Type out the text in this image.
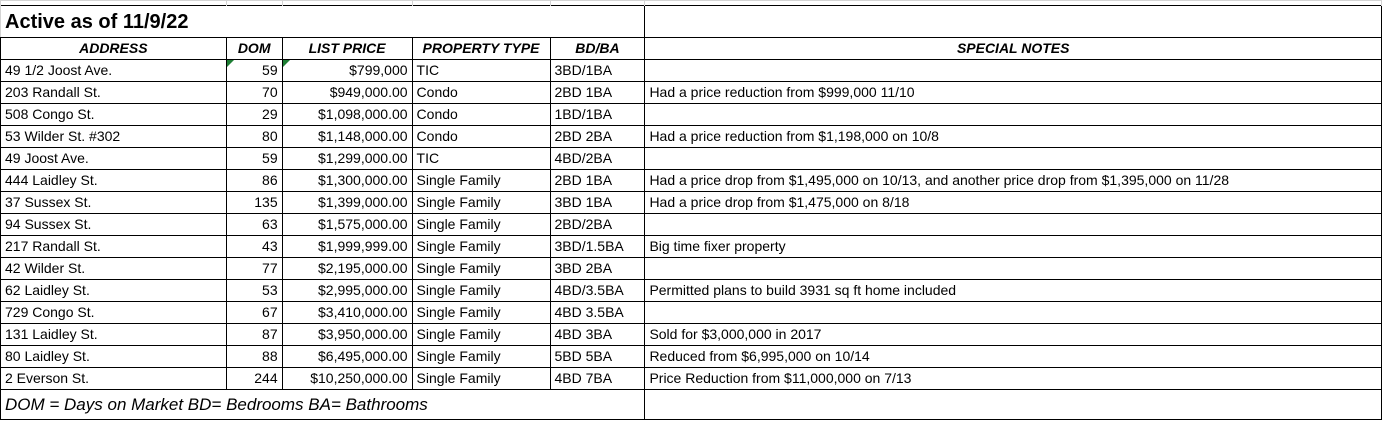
Active as of 11/9/22					
ADDRESS	DOM	LIST PRICE	PROPERTY TYPE	BD/BA	SPECIAL NOTES
49 1/2 Joost Ave.	59	$799,000	TIC	3BD/1BA	
203 Randall St.	70	$949,000.00	Condo	2BD 1BA	Had a price reduction from $999,000 11/10
508 Congo St.	29	$1,098,000.00	Condo	1BD/1BA	
53 Wilder St. #302	80	$1,148,000.00	Condo	2BD 2BA	Had a price reduction from $1,198,000 on 10/8
49 Joost Ave.	59	$1,299,000.00	TIC	4BD/2BA	
444 Laidley St.	86	$1,300,000.00	Single Family	2BD 1BA	Had a price drop from $1,495,000 on 10/13, and another price drop from $1,395,000 on 11/28
37 Sussex St.	135	$1,399,000.00	Single Family	3BD 1BA	Had a price drop from $1,475,000 on 8/18
94 Sussex St.	63	$1,575,000.00	Single Family	2BD/2BA	
217 Randall St.	43	$1,999,999.00	Single Family	3BD/1.5BA	Big time fixer property
42 Wilder St.	77	$2,195,000.00	Single Family	3BD 2BA	
62 Laidley St.	53	$2,995,000.00	Single Family	4BD/3.5BA	Permitted plans to build 3931 sq ft home included
729 Congo St.	67	$3,410,000.00	Single Family	4BD 3.5BA	
131 Laidley St.	87	$3,950,000.00	Single Family	4BD 3BA	Sold for $3,000,000 in 2017
80 Laidley St.	88	$6,495,000.00	Single Family	5BD 5BA	Reduced from $6,995,000 on 10/14
2 Everson St.	244	$10,250,000.00	Single Family	4BD 7BA	Price Reduction from $11,000,000 on 7/13
DOM = Days on Market BD= Bedrooms BA= Bathrooms					
